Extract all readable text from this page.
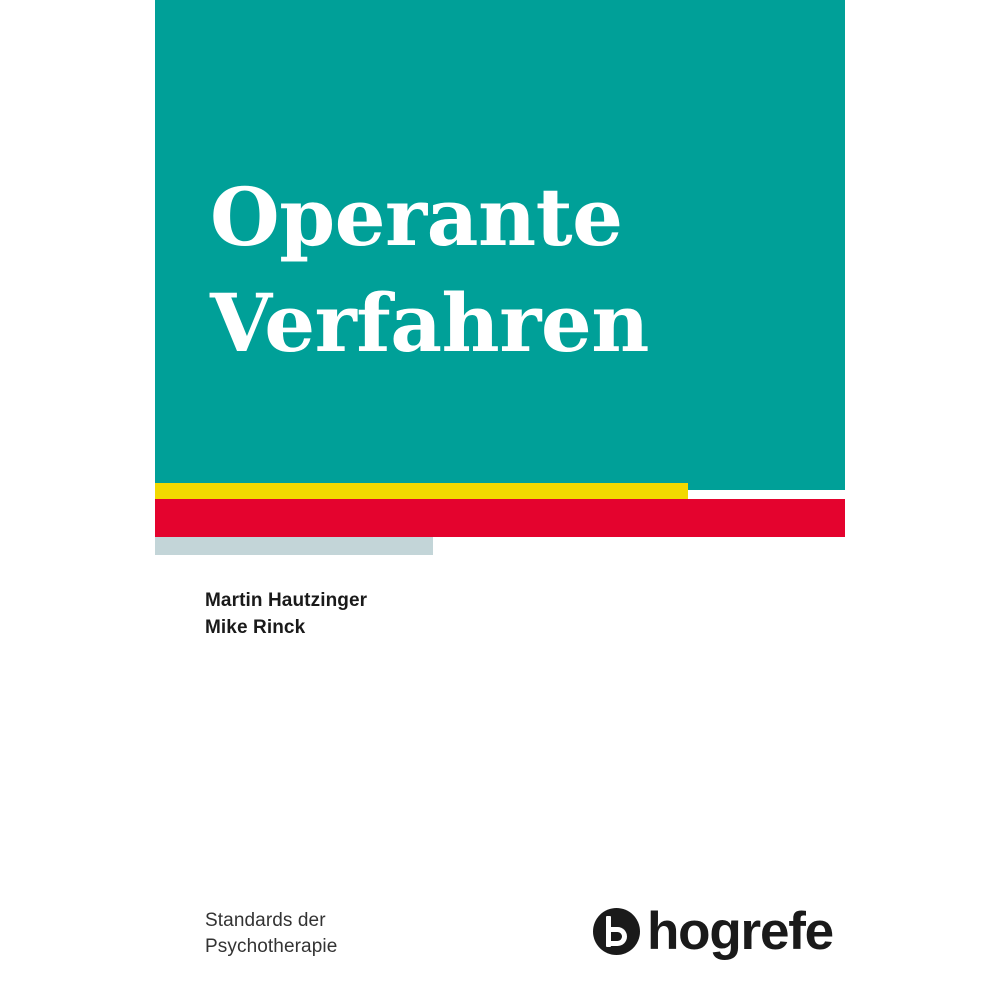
Operante
Verfahren
Martin Hautzinger
Mike Rinck
Standards der
Psychotherapie	hogrefe
